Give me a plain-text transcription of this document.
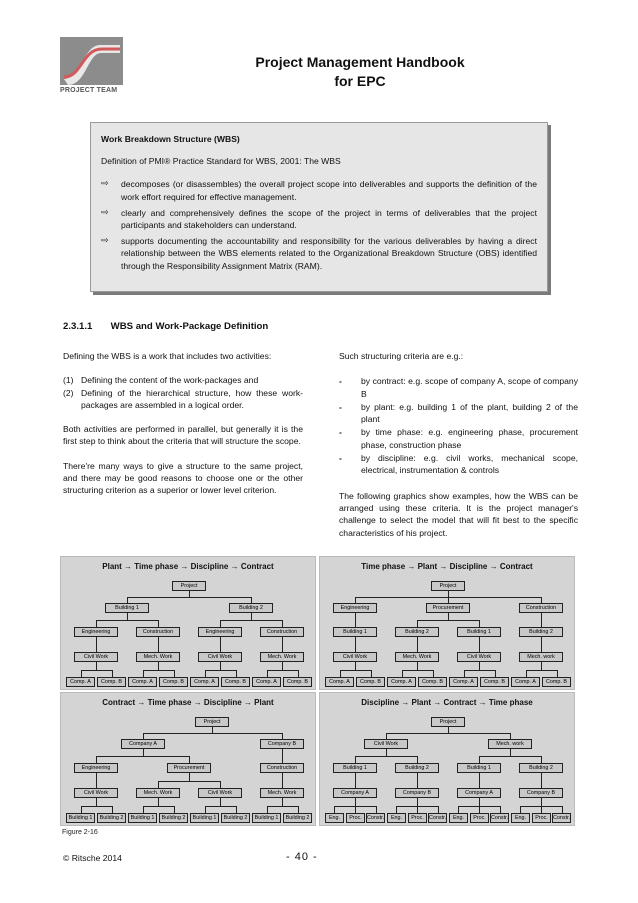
PROJECT TEAM
Project Management Handbook
for EPC
Work Breakdown Structure (WBS)
Definition of PMI® Practice Standard for WBS, 2001: The WBS
⇨	decomposes (or disassembles) the overall project scope into deliverables and supports the definition of the work effort required for effective management.
⇨	clearly and comprehensively defines the scope of the project in terms of deliverables that the project participants and stakeholders can understand.
⇨	supports documenting the accountability and responsibility for the various deliverables by having a direct relationship between the WBS elements related to the Organizational Breakdown Structure (OBS) identified through the Responsibility Assignment Matrix (RAM).
2.3.1.1 WBS and Work-Package Definition
Defining the WBS is a work that includes two activities:
(1) Defining the content of the work-packages and
(2) Defining of the hierarchical structure, how these work-packages are assembled in a logical order.
Both activities are performed in parallel, but generally it is the first step to think about the criteria that will structure the scope.
There're many ways to give a structure to the same project, and there may be good reasons to choose one or the other structuring criterion as a superior or lower level criterion.
Such structuring criteria are e.g.:
-	by contract: e.g. scope of company A, scope of company B
-	by plant: e.g. building 1 of the plant, building 2 of the plant
-	by time phase: e.g. engineering phase, procurement phase, construction phase
-	by discipline: e.g. civil works, mechanical scope, electrical, instrumentation & controls
The following graphics show examples, how the WBS can be arranged using these criteria. It is the project manager's challenge to select the model that will fit best to the specific characteristics of his project.
Plant → Time phase → Discipline → Contract
Project
Building 1	Building 2
Engineering	Construction	Engineering	Construction
Civil Work	Mech. Work	Civil Work	Mech. Work
Comp. A	Comp. B	Comp. A	Comp. B	Comp. A	Comp. B	Comp. A	Comp. B
Time phase → Plant → Discipline → Contract
Project
Engineering	Procurement	Construction
Building 1	Building 2	Building 1	Building 2
Civil Work	Mech. Work	Civil Work	Mech. work
Comp. A	Comp. B	Comp. A	Comp. B	Comp. A	Comp. B	Comp. A	Comp. B
Contract → Time phase → Discipline → Plant
Project
Company A	Company B
Engineering	Procurement	Construction
Civil Work	Mech. Work	Civil Work	Mech. Work
Building 1	Building 2	Building 1	Building 2	Building 1	Building 2	Building 1	Building 2
Discipline → Plant → Contract → Time phase
Project
Civil Work	Mech. work
Building 1	Building 2	Building 1	Building 2
Company A	Company B	Company A	Company B
Eng.	Proc. Constr.	Eng.	Proc. Constr.	Eng.	Proc. Constr.	Eng.	Proc. Constr.
Figure 2-16
© Ritsche 2014	- 40 -
